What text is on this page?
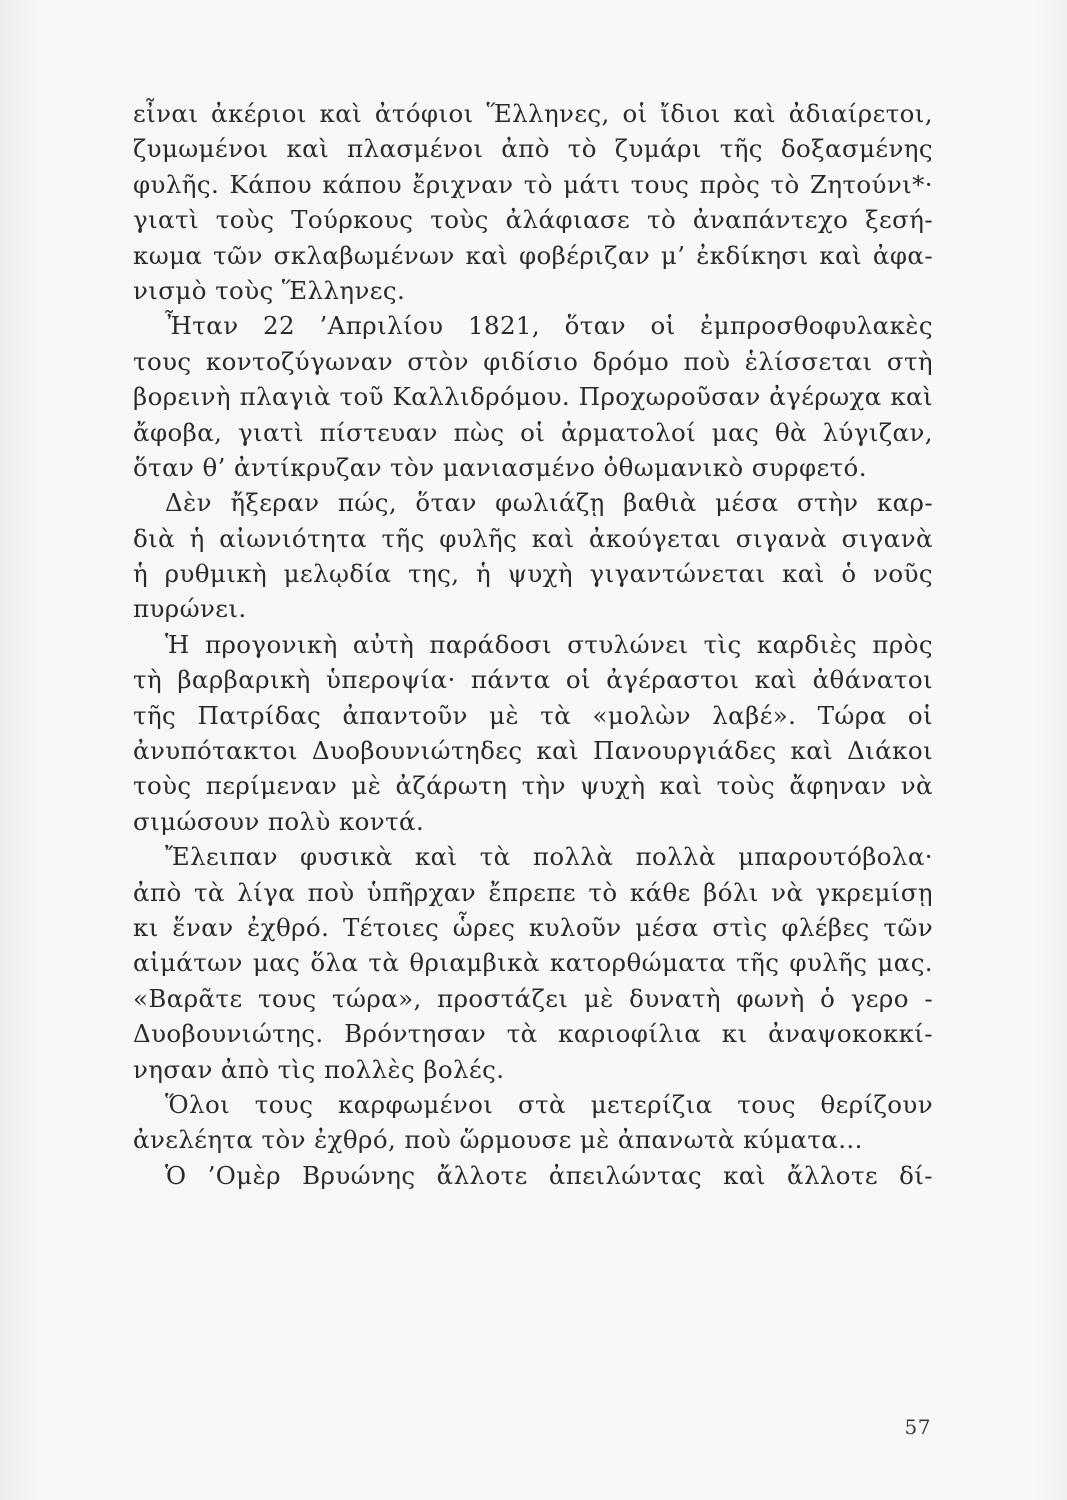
εἶναι ἀκέριοι καὶ ἀτόφιοι Ἕλληνες, οἱ ἴδιοι καὶ ἀδιαίρετοι,
ζυμωμένοι καὶ πλασμένοι ἀπὸ τὸ ζυμάρι τῆς δοξασμένης
φυλῆς. Κάπου κάπου ἔριχναν τὸ μάτι τους πρὸς τὸ Ζητούνι*·
γιατὶ τοὺς Τούρκους τοὺς ἀλάφιασε τὸ ἀναπάντεχο ξεσή-
κωμα τῶν σκλαβωμένων καὶ φοβέριζαν μ’ ἐκδίκησι καὶ ἀφα-
νισμὸ τοὺς Ἕλληνες.

Ἦταν 22 ’Απριλίου 1821, ὅταν οἱ ἐμπροσθοφυλακὲς
τους κοντοζύγωναν στὸν φιδίσιο δρόμο ποὺ ἑλίσσεται στὴ
βορεινὴ πλαγιὰ τοῦ Καλλιδρόμου. Προχωροῦσαν ἀγέρωχα καὶ
ἄφοβα, γιατὶ πίστευαν πὼς οἱ ἀρματολοί μας θὰ λύγιζαν,
ὅταν θ’ ἀντίκρυζαν τὸν μανιασμένο ὀθωμανικὸ συρφετό.

Δὲν ἤξεραν πώς, ὅταν φωλιάζῃ βαθιὰ μέσα στὴν καρ-
διὰ ἡ αἰωνιότητα τῆς φυλῆς καὶ ἀκούγεται σιγανὰ σιγανὰ
ἡ ρυθμικὴ μελῳδία της, ἡ ψυχὴ γιγαντώνεται καὶ ὁ νοῦς
πυρώνει.

Ἡ προγονικὴ αὐτὴ παράδοσι στυλώνει τὶς καρδιὲς πρὸς
τὴ βαρβαρικὴ ὑπεροψία· πάντα οἱ ἀγέραστοι καὶ ἀθάνατοι
τῆς Πατρίδας ἀπαντοῦν μὲ τὰ «μολὼν λαβέ». Τώρα οἱ
ἀνυπότακτοι Δυοβουνιώτηδες καὶ Πανουργιάδες καὶ Διάκοι
τοὺς περίμεναν μὲ ἀζάρωτη τὴν ψυχὴ καὶ τοὺς ἄφηναν νὰ
σιμώσουν πολὺ κοντά.

Ἔλειπαν φυσικὰ καὶ τὰ πολλὰ πολλὰ μπαρουτόβολα·
ἀπὸ τὰ λίγα ποὺ ὑπῆρχαν ἔπρεπε τὸ κάθε βόλι νὰ γκρεμίσῃ
κι ἕναν ἐχθρό. Τέτοιες ὧρες κυλοῦν μέσα στὶς φλέβες τῶν
αἱμάτων μας ὅλα τὰ θριαμβικὰ κατορθώματα τῆς φυλῆς μας.
«Βαρᾶτε τους τώρα», προστάζει μὲ δυνατὴ φωνὴ ὁ γερο -
Δυοβουνιώτης. Βρόντησαν τὰ καριοφίλια κι ἀναψοκοκκί-
νησαν ἀπὸ τὶς πολλὲς βολές.

Ὅλοι τους καρφωμένοι στὰ μετερίζια τους θερίζουν
ἀνελέητα τὸν ἐχθρό, ποὺ ὥρμουσε μὲ ἀπανωτὰ κύματα...

Ὁ ’Ομὲρ Βρυώνης ἄλλοτε ἀπειλώντας καὶ ἄλλοτε δί-

57
